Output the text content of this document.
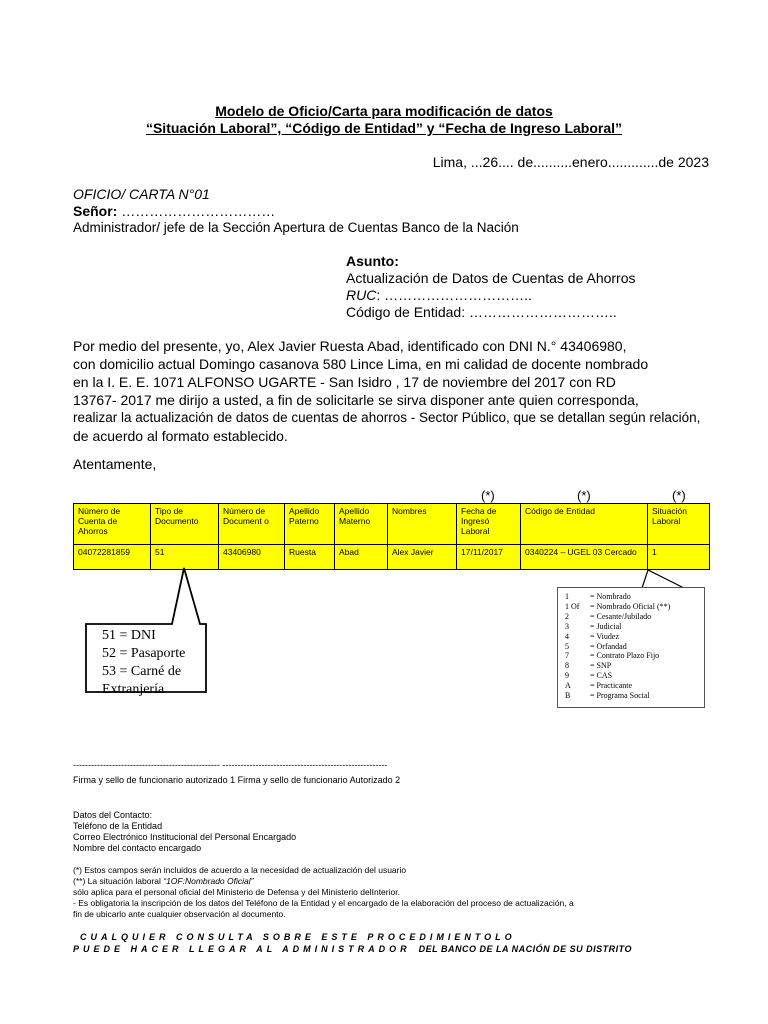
Modelo de Oficio/Carta para modificación de datos
“Situación Laboral”, “Código de Entidad” y “Fecha de Ingreso Laboral”
Lima, ...26.... de..........enero.............de 2023
OFICIO/ CARTA N°01
Señor: ……………………………
Administrador/ jefe de la Sección Apertura de Cuentas Banco de la Nación
Asunto:
Actualización de Datos de Cuentas de Ahorros
RUC: …………………………..
Código de Entidad: …………………………..
Por medio del presente, yo, Alex Javier Ruesta Abad, identificado con DNI N.° 43406980,
con domicilio actual Domingo casanova 580 Lince Lima, en mi calidad de docente nombrado
en la I. E. E. 1071 ALFONSO UGARTE - San Isidro , 17 de noviembre del 2017 con RD
13767- 2017 me dirijo a usted, a fin de solicitarle se sirva disponer ante quien corresponda,
realizar la actualización de datos de cuentas de ahorros - Sector Público, que se detallan según relación,
de acuerdo al formato establecido.
Atentamente,
(*)	(*)	(*)
Número de Cuenta de Ahorros	Tipo de Documento	Número de Document o	Apellido Paterno	Apellido Materno	Nombres	Fecha de Ingresó Laboral	Código de Entidad	Situación Laboral
04072281859	51	43406980	Ruesta	Abad	Alex Javier	17/11/2017	0340224 – UGEL 03 Cercado	1
51 = DNI
52 = Pasaporte
53 = Carné de
Extranjería
1	= Nombrado
1 Of = Nombrado Oficial (**)
2	= Cesante/Jubilado
3	= Judicial
4	= Viudez
5	= Orfandad
7	= Contrato Plazo Fijo
8	= SNP
9	= CAS
A = Practicante
B = Programa Social
------------------------------------------------- -------------------------------------------------------
Firma y sello de funcionario autorizado 1 Firma y sello de funcionario Autorizado 2
Datos del Contacto:
Teléfono de la Entidad
Correo Electrónico Institucional del Personal Encargado
Nombre del contacto encargado
(*) Estos campos serán incluidos de acuerdo a la necesidad de actualización del usuario
(**) La situación laboral “1OF:Nombrado Oficial”
sólo aplica para el personal oficial del Ministerio de Defensa y del Ministerio delInterior.
- Es obligatoria la inscripción de los datos del Teléfono de la Entidad y el encargado de la elaboración del proceso de actualización, a
fin de ubicarlo ante cualquier observación al documento.
CUALQUIER CONSULTA SOBRE ESTE PROCEDIMIENTOLO
PUEDE HACER LLEGAR AL ADMINISTRADOR DEL BANCO DE LA NACIÓN DE SU DISTRITO
